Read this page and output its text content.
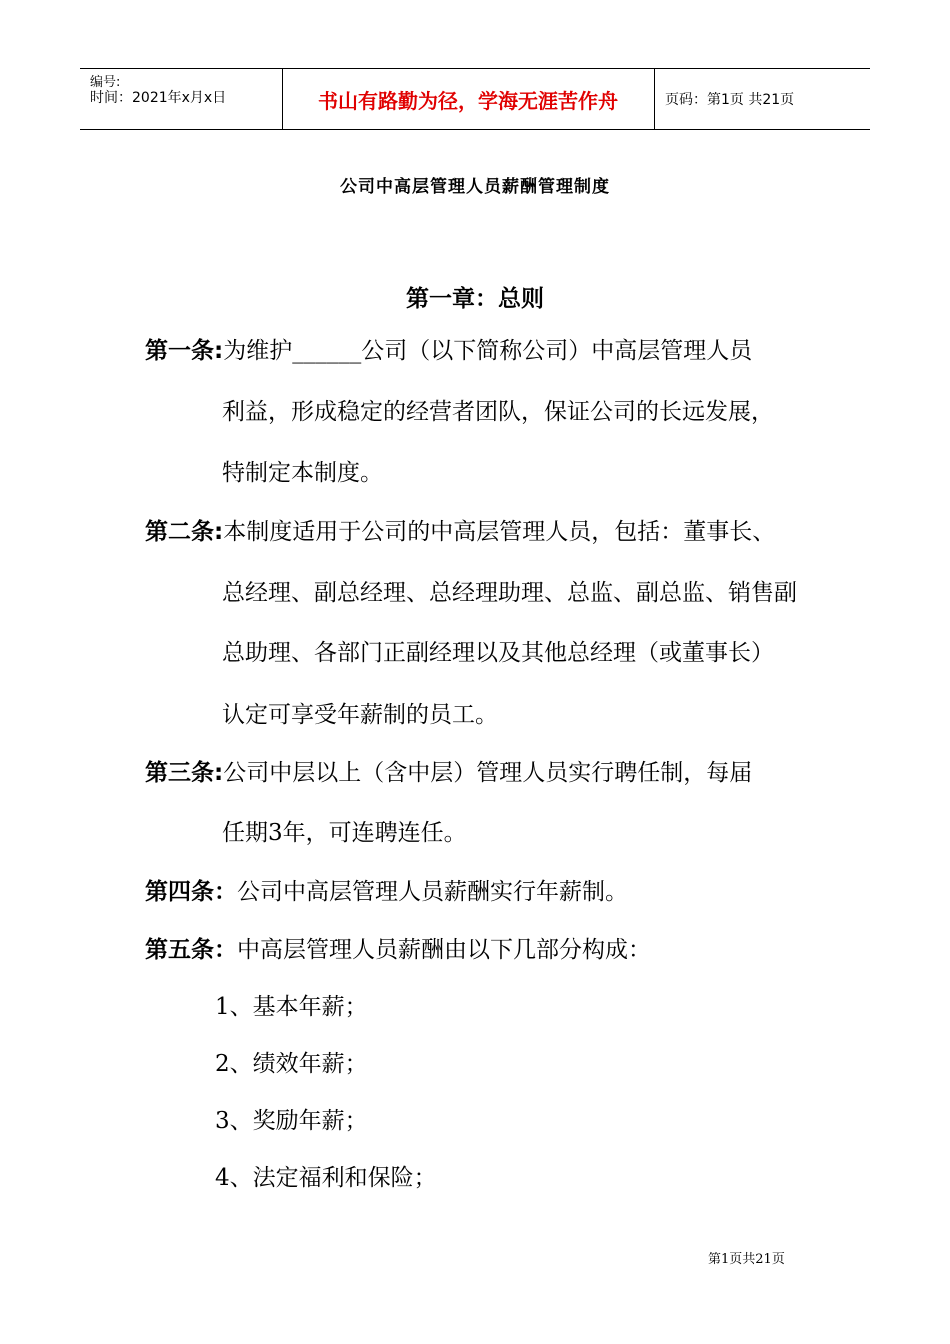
编号:
时间：2021年x月x日	书山有路勤为径，学海无涯苦作舟	页码：第1页 共21页
公司中高层管理人员薪酬管理制度
第一章：总则
第一条:为维护______公司（以下简称公司）中高层管理人员
利益，形成稳定的经营者团队，保证公司的长远发展，
特制定本制度。
第二条:本制度适用于公司的中高层管理人员，包括：董事长、
总经理、副总经理、总经理助理、总监、副总监、销售副
总助理、各部门正副经理以及其他总经理（或董事长）
认定可享受年薪制的员工。
第三条:公司中层以上（含中层）管理人员实行聘任制，每届
任期3年，可连聘连任。
第四条：公司中高层管理人员薪酬实行年薪制。
第五条：中高层管理人员薪酬由以下几部分构成：
1、基本年薪；
2、绩效年薪；
3、奖励年薪；
4、法定福利和保险；
第1页共21页
